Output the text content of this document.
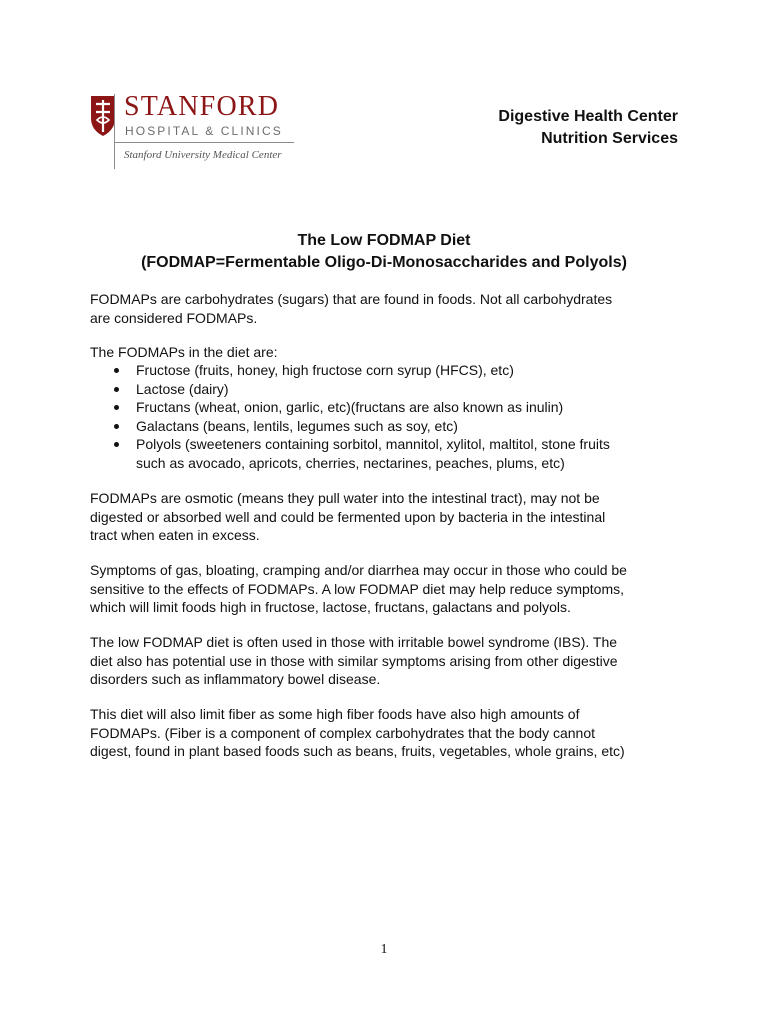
STANFORD
HOSPITAL & CLINICS
Stanford University Medical Center
Digestive Health Center
Nutrition Services
The Low FODMAP Diet
(FODMAP=Fermentable Oligo-Di-Monosaccharides and Polyols)
FODMAPs are carbohydrates (sugars) that are found in foods. Not all carbohydrates
are considered FODMAPs.
The FODMAPs in the diet are:
Fructose (fruits, honey, high fructose corn syrup (HFCS), etc)
Lactose (dairy)
Fructans (wheat, onion, garlic, etc)(fructans are also known as inulin)
Galactans (beans, lentils, legumes such as soy, etc)
Polyols (sweeteners containing sorbitol, mannitol, xylitol, maltitol, stone fruits
such as avocado, apricots, cherries, nectarines, peaches, plums, etc)
FODMAPs are osmotic (means they pull water into the intestinal tract), may not be
digested or absorbed well and could be fermented upon by bacteria in the intestinal
tract when eaten in excess.
Symptoms of gas, bloating, cramping and/or diarrhea may occur in those who could be
sensitive to the effects of FODMAPs. A low FODMAP diet may help reduce symptoms,
which will limit foods high in fructose, lactose, fructans, galactans and polyols.
The low FODMAP diet is often used in those with irritable bowel syndrome (IBS). The
diet also has potential use in those with similar symptoms arising from other digestive
disorders such as inflammatory bowel disease.
This diet will also limit fiber as some high fiber foods have also high amounts of
FODMAPs. (Fiber is a component of complex carbohydrates that the body cannot
digest, found in plant based foods such as beans, fruits, vegetables, whole grains, etc)
1
